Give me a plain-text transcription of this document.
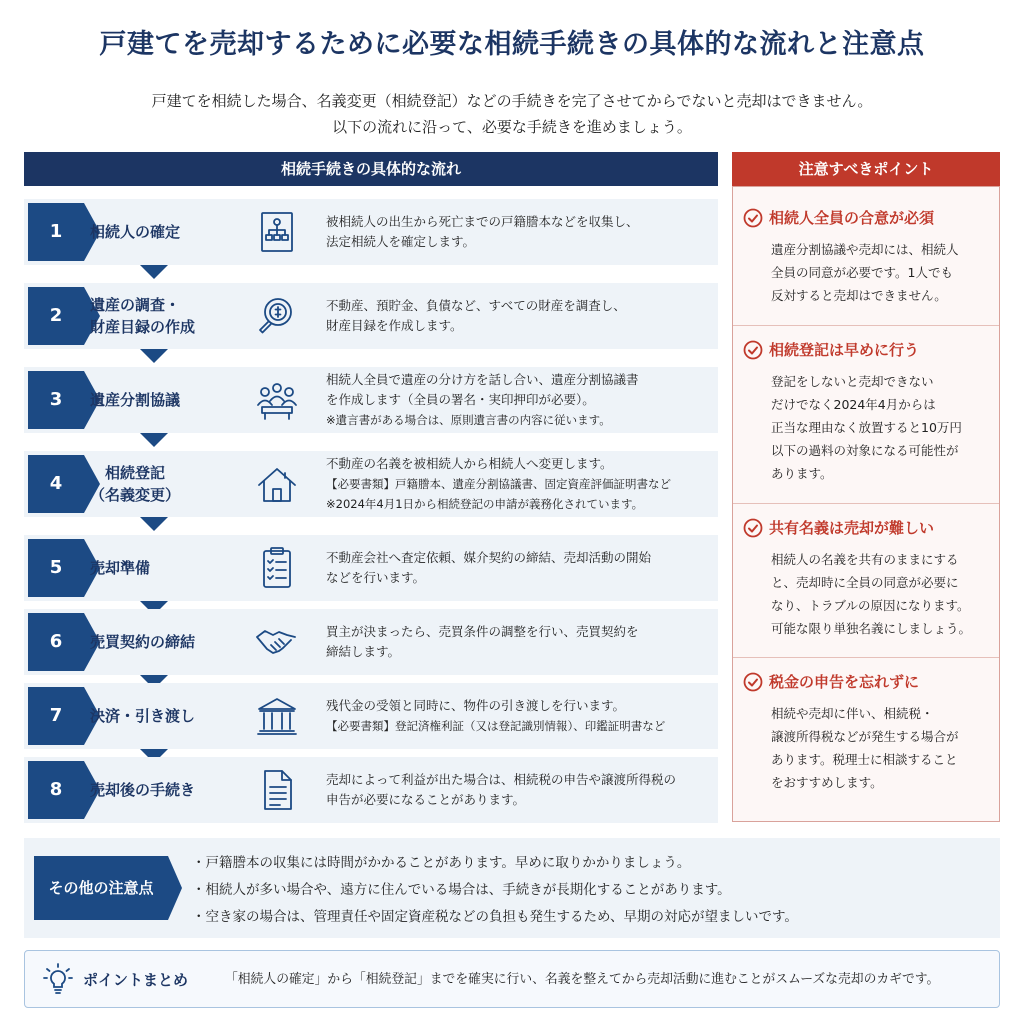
戸建てを売却するために必要な相続手続きの具体的な流れと注意点
戸建てを相続した場合、名義変更（相続登記）などの手続きを完了させてからでないと売却はできません。
以下の流れに沿って、必要な手続きを進めましょう。
相続手続きの具体的な流れ
1	相続人の確定
被相続人の出生から死亡までの戸籍謄本などを収集し、
法定相続人を確定します。
2	遺産の調査・
財産目録の作成
不動産、預貯金、負債など、すべての財産を調査し、
財産目録を作成します。
3	遺産分割協議
相続人全員で遺産の分け方を話し合い、遺産分割協議書
を作成します（全員の署名・実印押印が必要）。
※遺言書がある場合は、原則遺言書の内容に従います。
4	相続登記
（名義変更）
不動産の名義を被相続人から相続人へ変更します。
【必要書類】戸籍謄本、遺産分割協議書、固定資産評価証明書など
※2024年4月1日から相続登記の申請が義務化されています。
5	売却準備
不動産会社へ査定依頼、媒介契約の締結、売却活動の開始
などを行います。
6	売買契約の締結
買主が決まったら、売買条件の調整を行い、売買契約を
締結します。
7	決済・引き渡し
残代金の受領と同時に、物件の引き渡しを行います。
【必要書類】登記済権利証（又は登記識別情報）、印鑑証明書など
8	売却後の手続き
売却によって利益が出た場合は、相続税の申告や譲渡所得税の
申告が必要になることがあります。
注意すべきポイント
相続人全員の合意が必須
遺産分割協議や売却には、相続人
全員の同意が必要です。1人でも
反対すると売却はできません。
相続登記は早めに行う
登記をしないと売却できない
だけでなく2024年4月からは
正当な理由なく放置すると10万円
以下の過料の対象になる可能性が
あります。
共有名義は売却が難しい
相続人の名義を共有のままにする
と、売却時に全員の同意が必要に
なり、トラブルの原因になります。
可能な限り単独名義にしましょう。
税金の申告を忘れずに
相続や売却に伴い、相続税・
譲渡所得税などが発生する場合が
あります。税理士に相談すること
をおすすめします。
その他の注意点
・戸籍謄本の収集には時間がかかることがあります。早めに取りかかりましょう。
・相続人が多い場合や、遠方に住んでいる場合は、手続きが長期化することがあります。
・空き家の場合は、管理責任や固定資産税などの負担も発生するため、早期の対応が望ましいです。
ポイントまとめ	「相続人の確定」から「相続登記」までを確実に行い、名義を整えてから売却活動に進むことがスムーズな売却のカギです。
